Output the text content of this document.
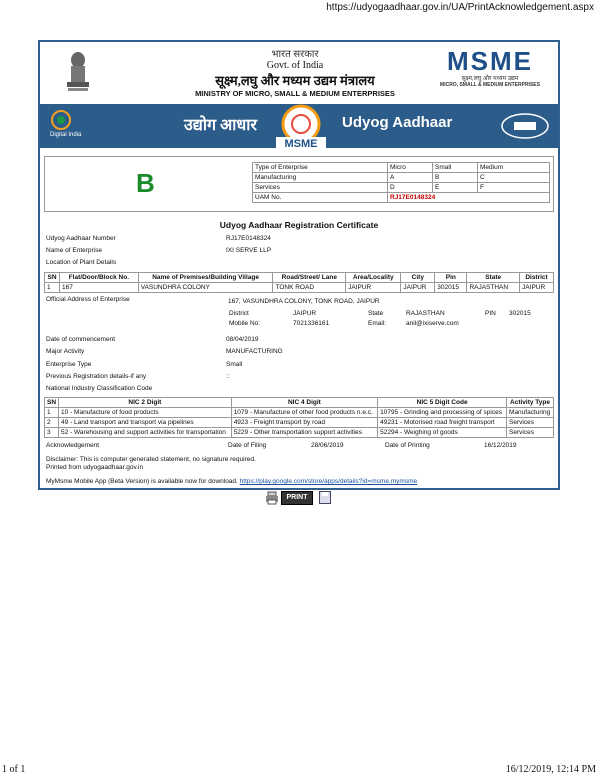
https://udyogaadhaar.gov.in/UA/PrintAcknowledgement.aspx
भारत सरकार
Govt. of India
सूक्ष्म,लघु और मध्यम उद्यम मंत्रालय
MINISTRY OF MICRO, SMALL & MEDIUM ENTERPRISES
MSME
सूक्ष्म,लघु और मध्यम उद्यम
MICRO, SMALL & MEDIUM ENTERPRISES
Digital India
उद्योग आधार
MSME
Udyog Aadhaar
B
Type of Enterprise	Micro	Small	Medium
Manufacturing	A	B	C
Services	D	E	F
UAM No.	RJ17E0148324		
Udyog Aadhaar Registration Certificate
Udyog Aadhaar Number	RJ17E0148324
Name of Enterprise	IXI SERVE LLP
Location of Plant Details
SN	Flat/Door/Block No.	Name of Premises/Building Village	Road/Street/ Lane	Area/Locality	City	Pin	State	District
1	167	VASUNDHRA COLONY	TONK ROAD	JAIPUR	JAIPUR	302015	RAJASTHAN	JAIPUR
Official Address of Enterprise	167, VASUNDHRA COLONY, TONK ROAD, JAIPUR
District	JAIPUR	State	RAJASTHAN	PIN 302015
Mobile No:	7021336161	Email:	anil@ixiserve.com
Date of commencement	08/04/2019
Major Activity	MANUFACTURING
Enterprise Type	Small
Previous Registration details-if any	::
National Industry Classification Code
SN	NIC 2 Digit	NIC 4 Digit	NIC 5 Digit Code	Activity Type
1	10 - Manufacture of food products	1079 - Manufacture of other food products n.e.c.	10795 - Grinding and processing of spices	Manufacturing
2	49 - Land transport and transport via pipelines	4923 - Freight transport by road	49231 - Motorised road freight transport	Services
3	52 - Warehousing and support activities for transportation	5229 - Other transportation support activities	52294 - Weighing of goods	Services
Acknowledgement	Date of Filing	28/06/2019	Date of Printing	16/12/2019
Disclaimer: This is computer generated statement, no signature required.
Printed from udyogaadhaar.gov.in
MyMsme Mobile App (Beta Version) is available now for download. https://play.google.com/store/apps/details?id=msme.mymsme
PRINT
1 of 1	16/12/2019, 12:14 PM
